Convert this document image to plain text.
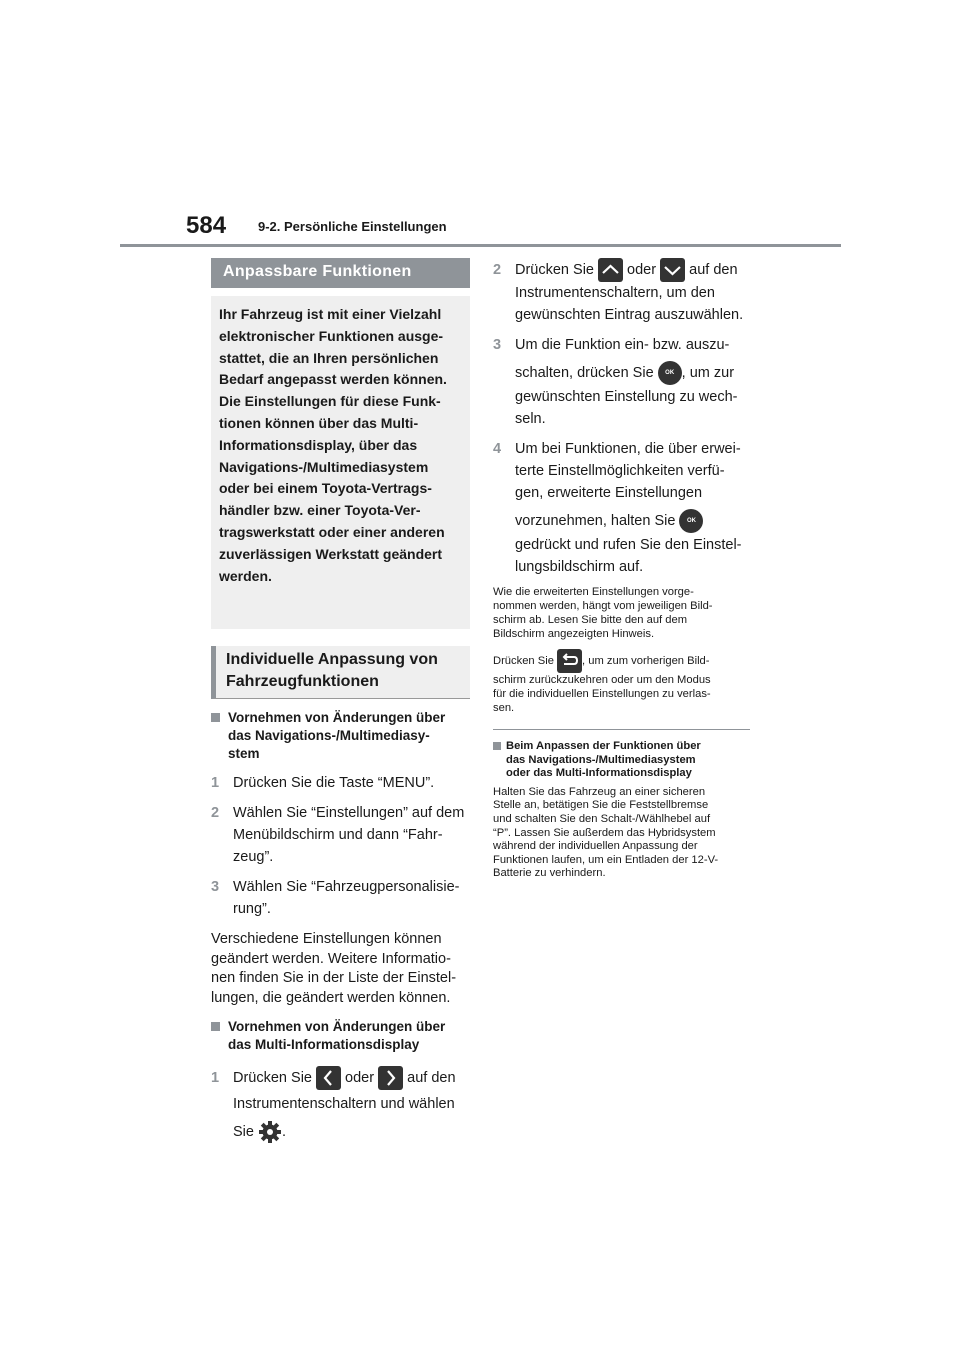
584 9-2. Persönliche Einstellungen
Anpassbare Funktionen
Ihr Fahrzeug ist mit einer Vielzahl
elektronischer Funktionen ausge-
stattet, die an Ihren persönlichen
Bedarf angepasst werden können.
Die Einstellungen für diese Funk-
tionen können über das Multi-
Informationsdisplay, über das
Navigations-/Multimediasystem
oder bei einem Toyota-Vertrags-
händler bzw. einer Toyota-Ver-
tragswerkstatt oder einer anderen
zuverlässigen Werkstatt geändert
werden.
Individuelle Anpassung von
Fahrzeugfunktionen
Vornehmen von Änderungen über
das Navigations-/Multimediasy-
stem
1 Drücken Sie die Taste “MENU”.
2 Wählen Sie “Einstellungen” auf dem
Menübildschirm und dann “Fahr-
zeug”.
3 Wählen Sie “Fahrzeugpersonalisie-
rung”.
Verschiedene Einstellungen können
geändert werden. Weitere Informatio-
nen finden Sie in der Liste der Einstel-
lungen, die geändert werden können.
Vornehmen von Änderungen über
das Multi-Informationsdisplay
1 Drücken Sie oder auf den
Instrumentenschaltern und wählen
Sie .
2 Drücken Sie oder auf den
Instrumentenschaltern, um den
gewünschten Eintrag auszuwählen.
3 Um die Funktion ein- bzw. auszu-
schalten, drücken Sie OK , um zur
gewünschten Einstellung zu wech-
seln.
4 Um bei Funktionen, die über erwei-
terte Einstellmöglichkeiten verfü-
gen, erweiterte Einstellungen
vorzunehmen, halten Sie OK
gedrückt und rufen Sie den Einstel-
lungsbildschirm auf.
Wie die erweiterten Einstellungen vorge-
nommen werden, hängt vom jeweiligen Bild-
schirm ab. Lesen Sie bitte den auf dem
Bildschirm angezeigten Hinweis.
Drücken Sie	, um zum vorherigen Bild-
schirm zurückzukehren oder um den Modus
für die individuellen Einstellungen zu verlas-
sen.
Beim Anpassen der Funktionen über
das Navigations-/Multimediasystem
oder das Multi-Informationsdisplay
Halten Sie das Fahrzeug an einer sicheren
Stelle an, betätigen Sie die Feststellbremse
und schalten Sie den Schalt-/Wählhebel auf
“P”. Lassen Sie außerdem das Hybridsystem
während der individuellen Anpassung der
Funktionen laufen, um ein Entladen der 12-V-
Batterie zu verhindern.
